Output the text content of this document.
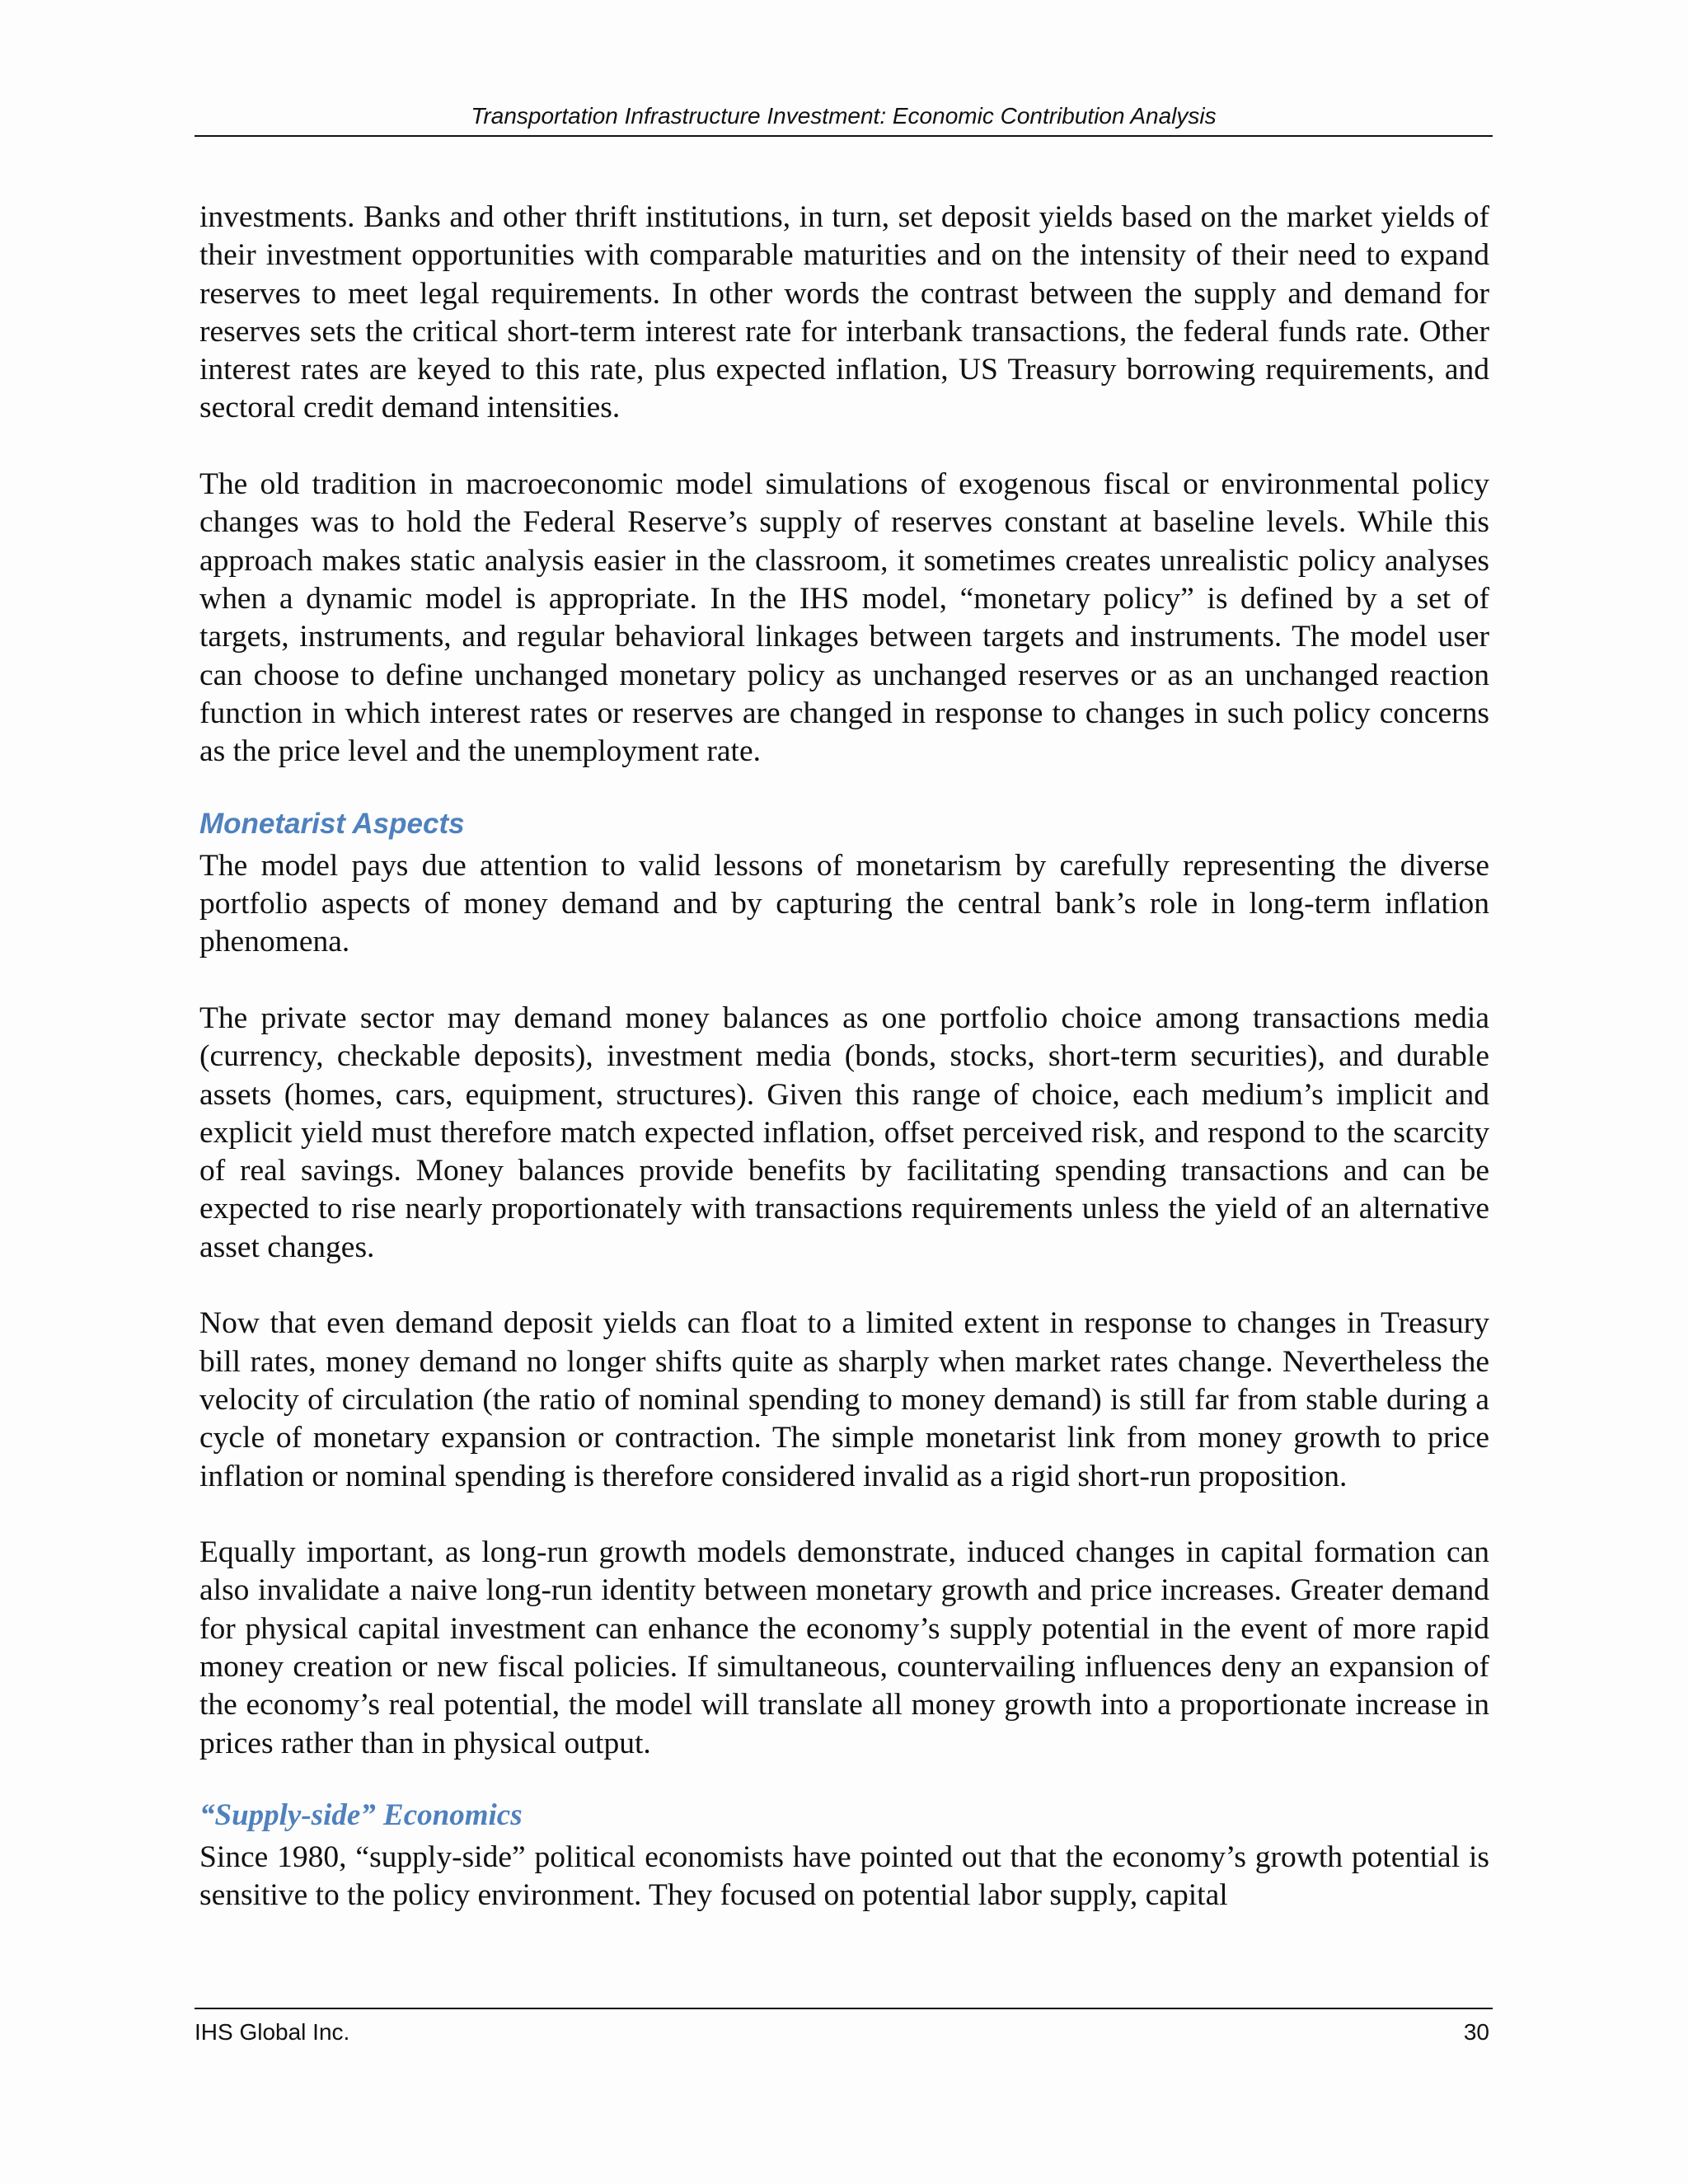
Transportation Infrastructure Investment: Economic Contribution Analysis

investments. Banks and other thrift institutions, in turn, set deposit yields based on the market yields of their investment opportunities with comparable maturities and on the intensity of their need to expand reserves to meet legal requirements. In other words the contrast between the supply and demand for reserves sets the critical short-term interest rate for interbank transactions, the federal funds rate. Other interest rates are keyed to this rate, plus expected inflation, US Treasury borrowing requirements, and sectoral credit demand intensities.

The old tradition in macroeconomic model simulations of exogenous fiscal or environmental policy changes was to hold the Federal Reserve’s supply of reserves constant at baseline levels. While this approach makes static analysis easier in the classroom, it sometimes creates unrealistic policy analyses when a dynamic model is appropriate. In the IHS model, “monetary policy” is defined by a set of targets, instruments, and regular behavioral linkages between targets and instruments. The model user can choose to define unchanged monetary policy as unchanged reserves or as an unchanged reaction function in which interest rates or reserves are changed in response to changes in such policy concerns as the price level and the unemployment rate.

Monetarist Aspects

The model pays due attention to valid lessons of monetarism by carefully representing the diverse portfolio aspects of money demand and by capturing the central bank’s role in long-term inflation phenomena.

The private sector may demand money balances as one portfolio choice among transactions media (currency, checkable deposits), investment media (bonds, stocks, short-term securities), and durable assets (homes, cars, equipment, structures). Given this range of choice, each medium’s implicit and explicit yield must therefore match expected inflation, offset perceived risk, and respond to the scarcity of real savings. Money balances provide benefits by facilitating spending transactions and can be expected to rise nearly proportionately with transactions requirements unless the yield of an alternative asset changes.

Now that even demand deposit yields can float to a limited extent in response to changes in Treasury bill rates, money demand no longer shifts quite as sharply when market rates change. Nevertheless the velocity of circulation (the ratio of nominal spending to money demand) is still far from stable during a cycle of monetary expansion or contraction. The simple monetarist link from money growth to price inflation or nominal spending is therefore considered invalid as a rigid short-run proposition.

Equally important, as long-run growth models demonstrate, induced changes in capital formation can also invalidate a naive long-run identity between monetary growth and price increases. Greater demand for physical capital investment can enhance the economy’s supply potential in the event of more rapid money creation or new fiscal policies. If simultaneous, countervailing influences deny an expansion of the economy’s real potential, the model will translate all money growth into a proportionate increase in prices rather than in physical output.

“Supply-side” Economics

Since 1980, “supply-side” political economists have pointed out that the economy’s growth potential is sensitive to the policy environment. They focused on potential labor supply, capital

IHS Global Inc.	30
